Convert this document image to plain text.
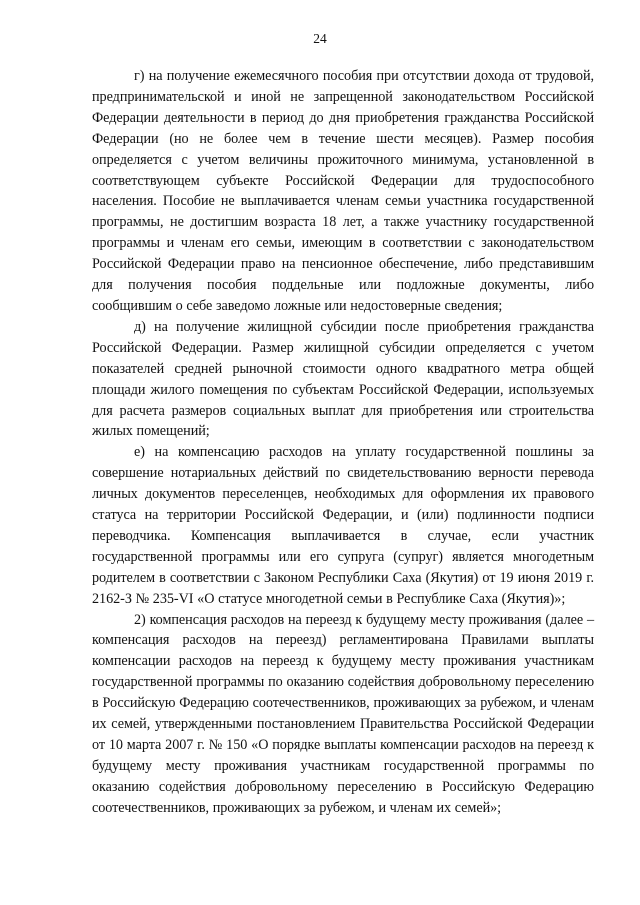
24

г) на получение ежемесячного пособия при отсутствии дохода от трудовой, предпринимательской и иной не запрещенной законодательством Российской Федерации деятельности в период до дня приобретения гражданства Российской Федерации (но не более чем в течение шести месяцев). Размер пособия определяется с учетом величины прожиточного минимума, установленной в соответствующем субъекте Российской Федерации для трудоспособного населения. Пособие не выплачивается членам семьи участника государственной программы, не достигшим возраста 18 лет, а также участнику государственной программы и членам его семьи, имеющим в соответствии с законодательством Российской Федерации право на пенсионное обеспечение, либо представившим для получения пособия поддельные или подложные документы, либо сообщившим о себе заведомо ложные или недостоверные сведения;

д) на получение жилищной субсидии после приобретения гражданства Российской Федерации. Размер жилищной субсидии определяется с учетом показателей средней рыночной стоимости одного квадратного метра общей площади жилого помещения по субъектам Российской Федерации, используемых для расчета размеров социальных выплат для приобретения или строительства жилых помещений;

е) на компенсацию расходов на уплату государственной пошлины за совершение нотариальных действий по свидетельствованию верности перевода личных документов переселенцев, необходимых для оформления их правового статуса на территории Российской Федерации, и (или) подлинности подписи переводчика. Компенсация выплачивается в случае, если участник государственной программы или его супруга (супруг) является многодетным родителем в соответствии с Законом Республики Саха (Якутия) от 19 июня 2019 г. 2162-З № 235-VI «О статусе многодетной семьи в Республике Саха (Якутия)»;

2) компенсация расходов на переезд к будущему месту проживания (далее – компенсация расходов на переезд) регламентирована Правилами выплаты компенсации расходов на переезд к будущему месту проживания участникам государственной программы по оказанию содействия добровольному переселению в Российскую Федерацию соотечественников, проживающих за рубежом, и членам их семей, утвержденными постановлением Правительства Российской Федерации от 10 марта 2007 г. № 150 «О порядке выплаты компенсации расходов на переезд к будущему месту проживания участникам государственной программы по оказанию содействия добровольному переселению в Российскую Федерацию соотечественников, проживающих за рубежом, и членам их семей»;
